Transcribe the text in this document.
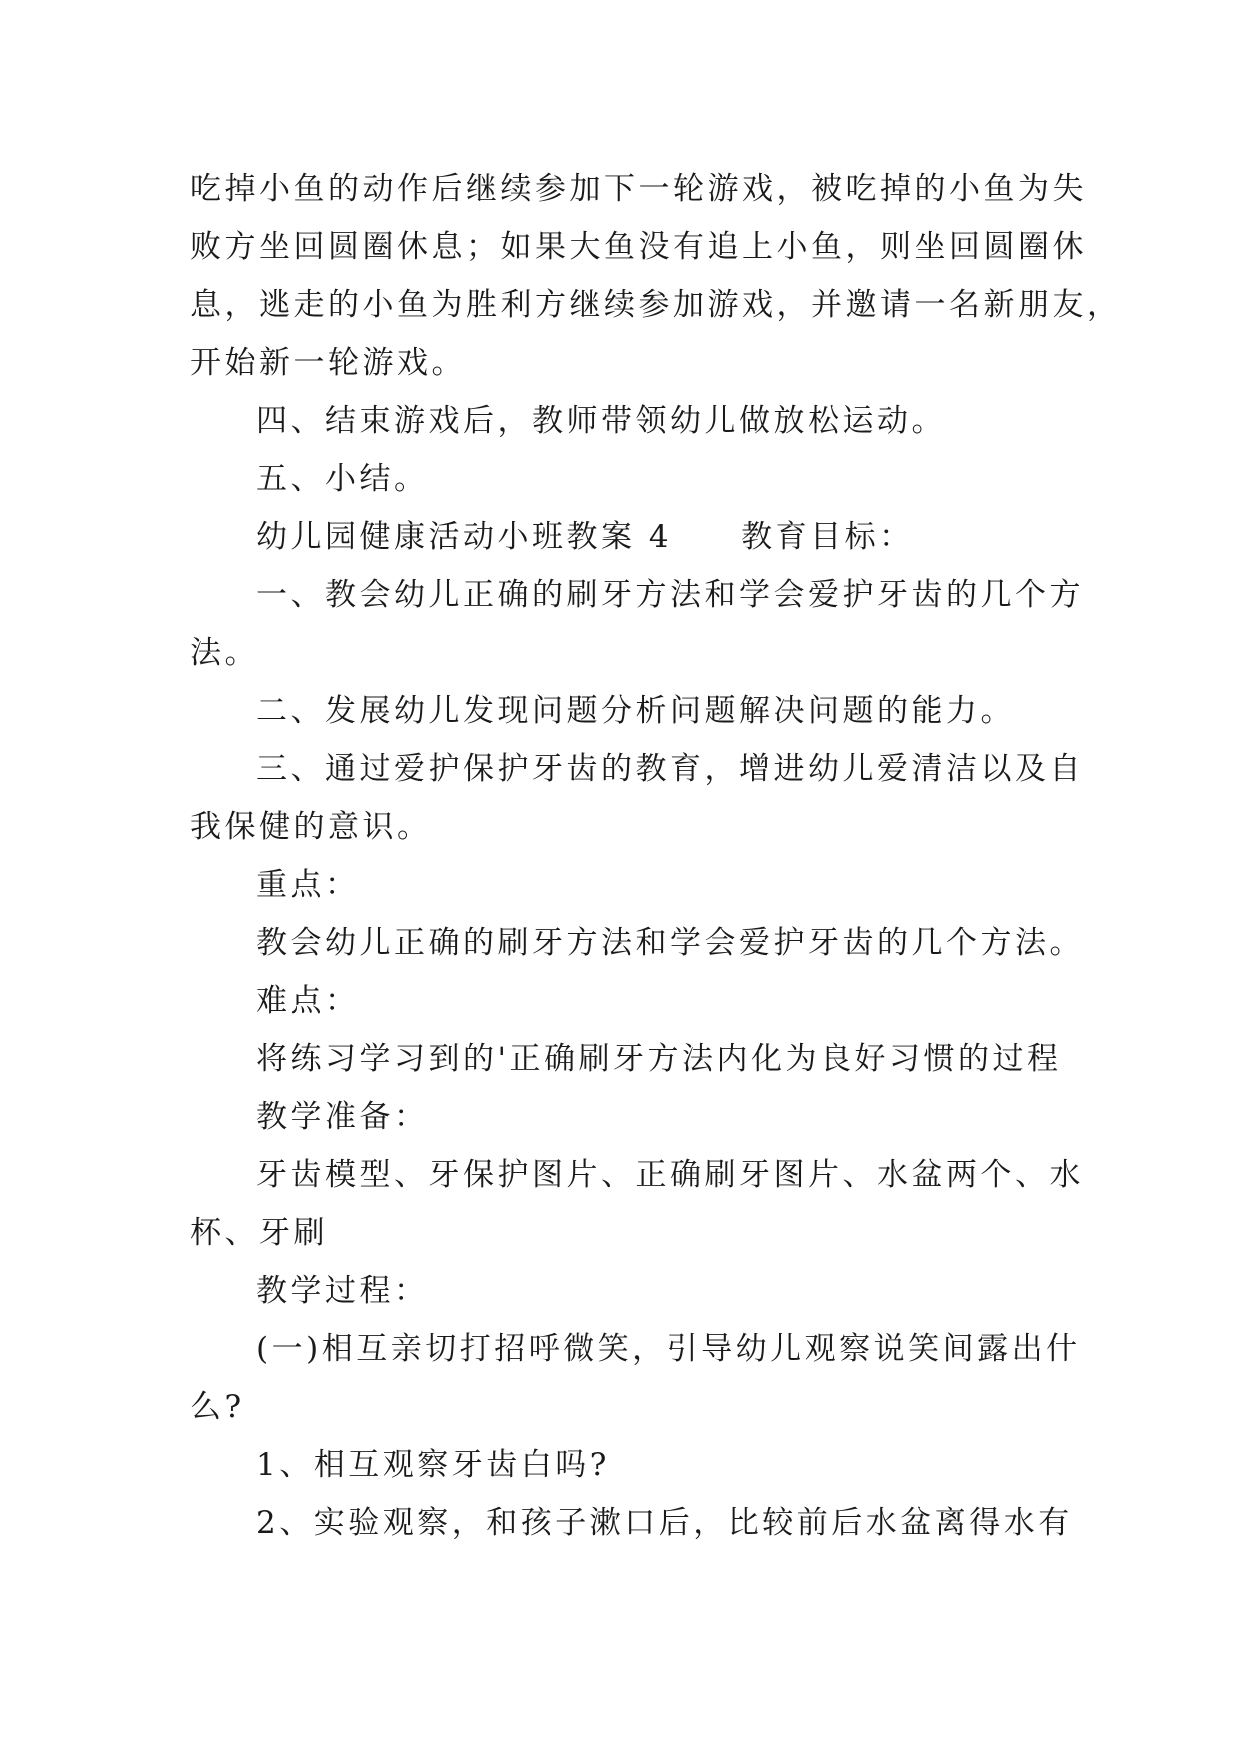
吃掉小鱼的动作后继续参加下一轮游戏，被吃掉的小鱼为失
败方坐回圆圈休息；如果大鱼没有追上小鱼，则坐回圆圈休
息，逃走的小鱼为胜利方继续参加游戏，并邀请一名新朋友，
开始新一轮游戏。
四、结束游戏后，教师带领幼儿做放松运动。
五、小结。
幼儿园健康活动小班教案 4　　教育目标：
一、教会幼儿正确的刷牙方法和学会爱护牙齿的几个方
法。
二、发展幼儿发现问题分析问题解决问题的能力。
三、通过爱护保护牙齿的教育，增进幼儿爱清洁以及自
我保健的意识。
重点：
教会幼儿正确的刷牙方法和学会爱护牙齿的几个方法。
难点：
将练习学习到的'正确刷牙方法内化为良好习惯的过程
教学准备：
牙齿模型、牙保护图片、正确刷牙图片、水盆两个、水
杯、牙刷
教学过程：
(一)相互亲切打招呼微笑，引导幼儿观察说笑间露出什
么?
1、相互观察牙齿白吗?
2、实验观察，和孩子漱口后，比较前后水盆离得水有
